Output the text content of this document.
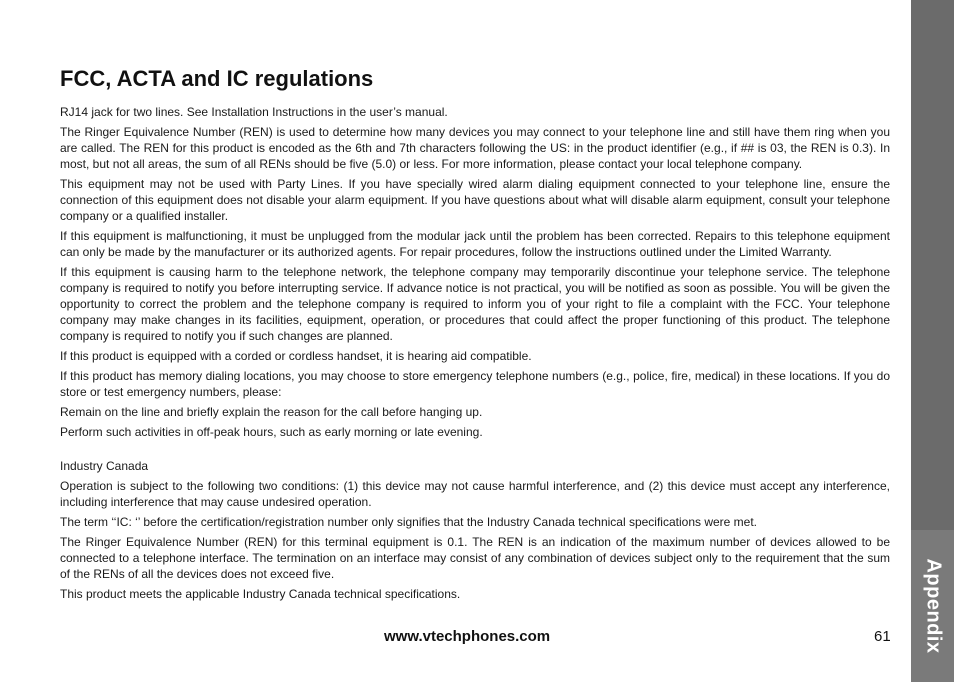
Appendix
FCC, ACTA and IC regulations

RJ14 jack for two lines. See Installation Instructions in the user’s manual.

The Ringer Equivalence Number (REN) is used to determine how many devices you may connect to your telephone line and still have them ring when you are called. The REN for this product is encoded as the 6th and 7th characters following the US: in the product identifier (e.g., if ## is 03, the REN is 0.3). In most, but not all areas, the sum of all RENs should be five (5.0) or less. For more information, please contact your local telephone company.

This equipment may not be used with Party Lines. If you have specially wired alarm dialing equipment connected to your telephone line, ensure the connection of this equipment does not disable your alarm equipment. If you have questions about what will disable alarm equipment, consult your telephone company or a qualified installer.

If this equipment is malfunctioning, it must be unplugged from the modular jack until the problem has been corrected. Repairs to this telephone equipment can only be made by the manufacturer or its authorized agents. For repair procedures, follow the instructions outlined under the Limited Warranty.

If this equipment is causing harm to the telephone network, the telephone company may temporarily discontinue your telephone service. The telephone company is required to notify you before interrupting service. If advance notice is not practical, you will be notified as soon as possible. You will be given the opportunity to correct the problem and the telephone company is required to inform you of your right to file a complaint with the FCC. Your telephone company may make changes in its facilities, equipment, operation, or procedures that could affect the proper functioning of this product. The telephone company is required to notify you if such changes are planned.

If this product is equipped with a corded or cordless handset, it is hearing aid compatible.

If this product has memory dialing locations, you may choose to store emergency telephone numbers (e.g., police, fire, medical) in these locations. If you do store or test emergency numbers, please:

Remain on the line and briefly explain the reason for the call before hanging up.

Perform such activities in off-peak hours, such as early morning or late evening.

Industry Canada

Operation is subject to the following two conditions: (1) this device may not cause harmful interference, and (2) this device must accept any interference, including interference that may cause undesired operation.

The term ‘‘IC: ‘’ before the certification/registration number only signifies that the Industry Canada technical specifications were met.

The Ringer Equivalence Number (REN) for this terminal equipment is 0.1. The REN is an indication of the maximum number of devices allowed to be connected to a telephone interface. The termination on an interface may consist of any combination of devices subject only to the requirement that the sum of the RENs of all the devices does not exceed five.

This product meets the applicable Industry Canada technical specifications.

www.vtechphones.com	61
